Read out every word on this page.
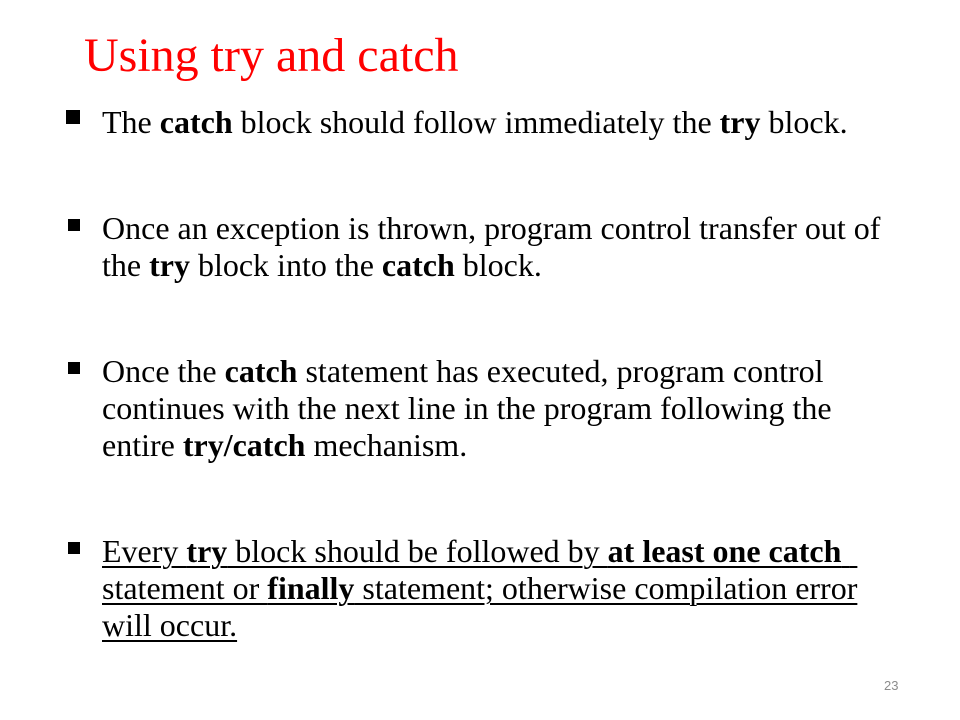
Using try and catch
The catch block should follow immediately the try block.
Once an exception is thrown, program control transfer out of the try block into the catch block.
Once the catch statement has executed, program control continues with the next line in the program following the entire try/catch mechanism.
Every try block should be followed by at least one catch  statement or finally statement; otherwise compilation error will occur.
23
